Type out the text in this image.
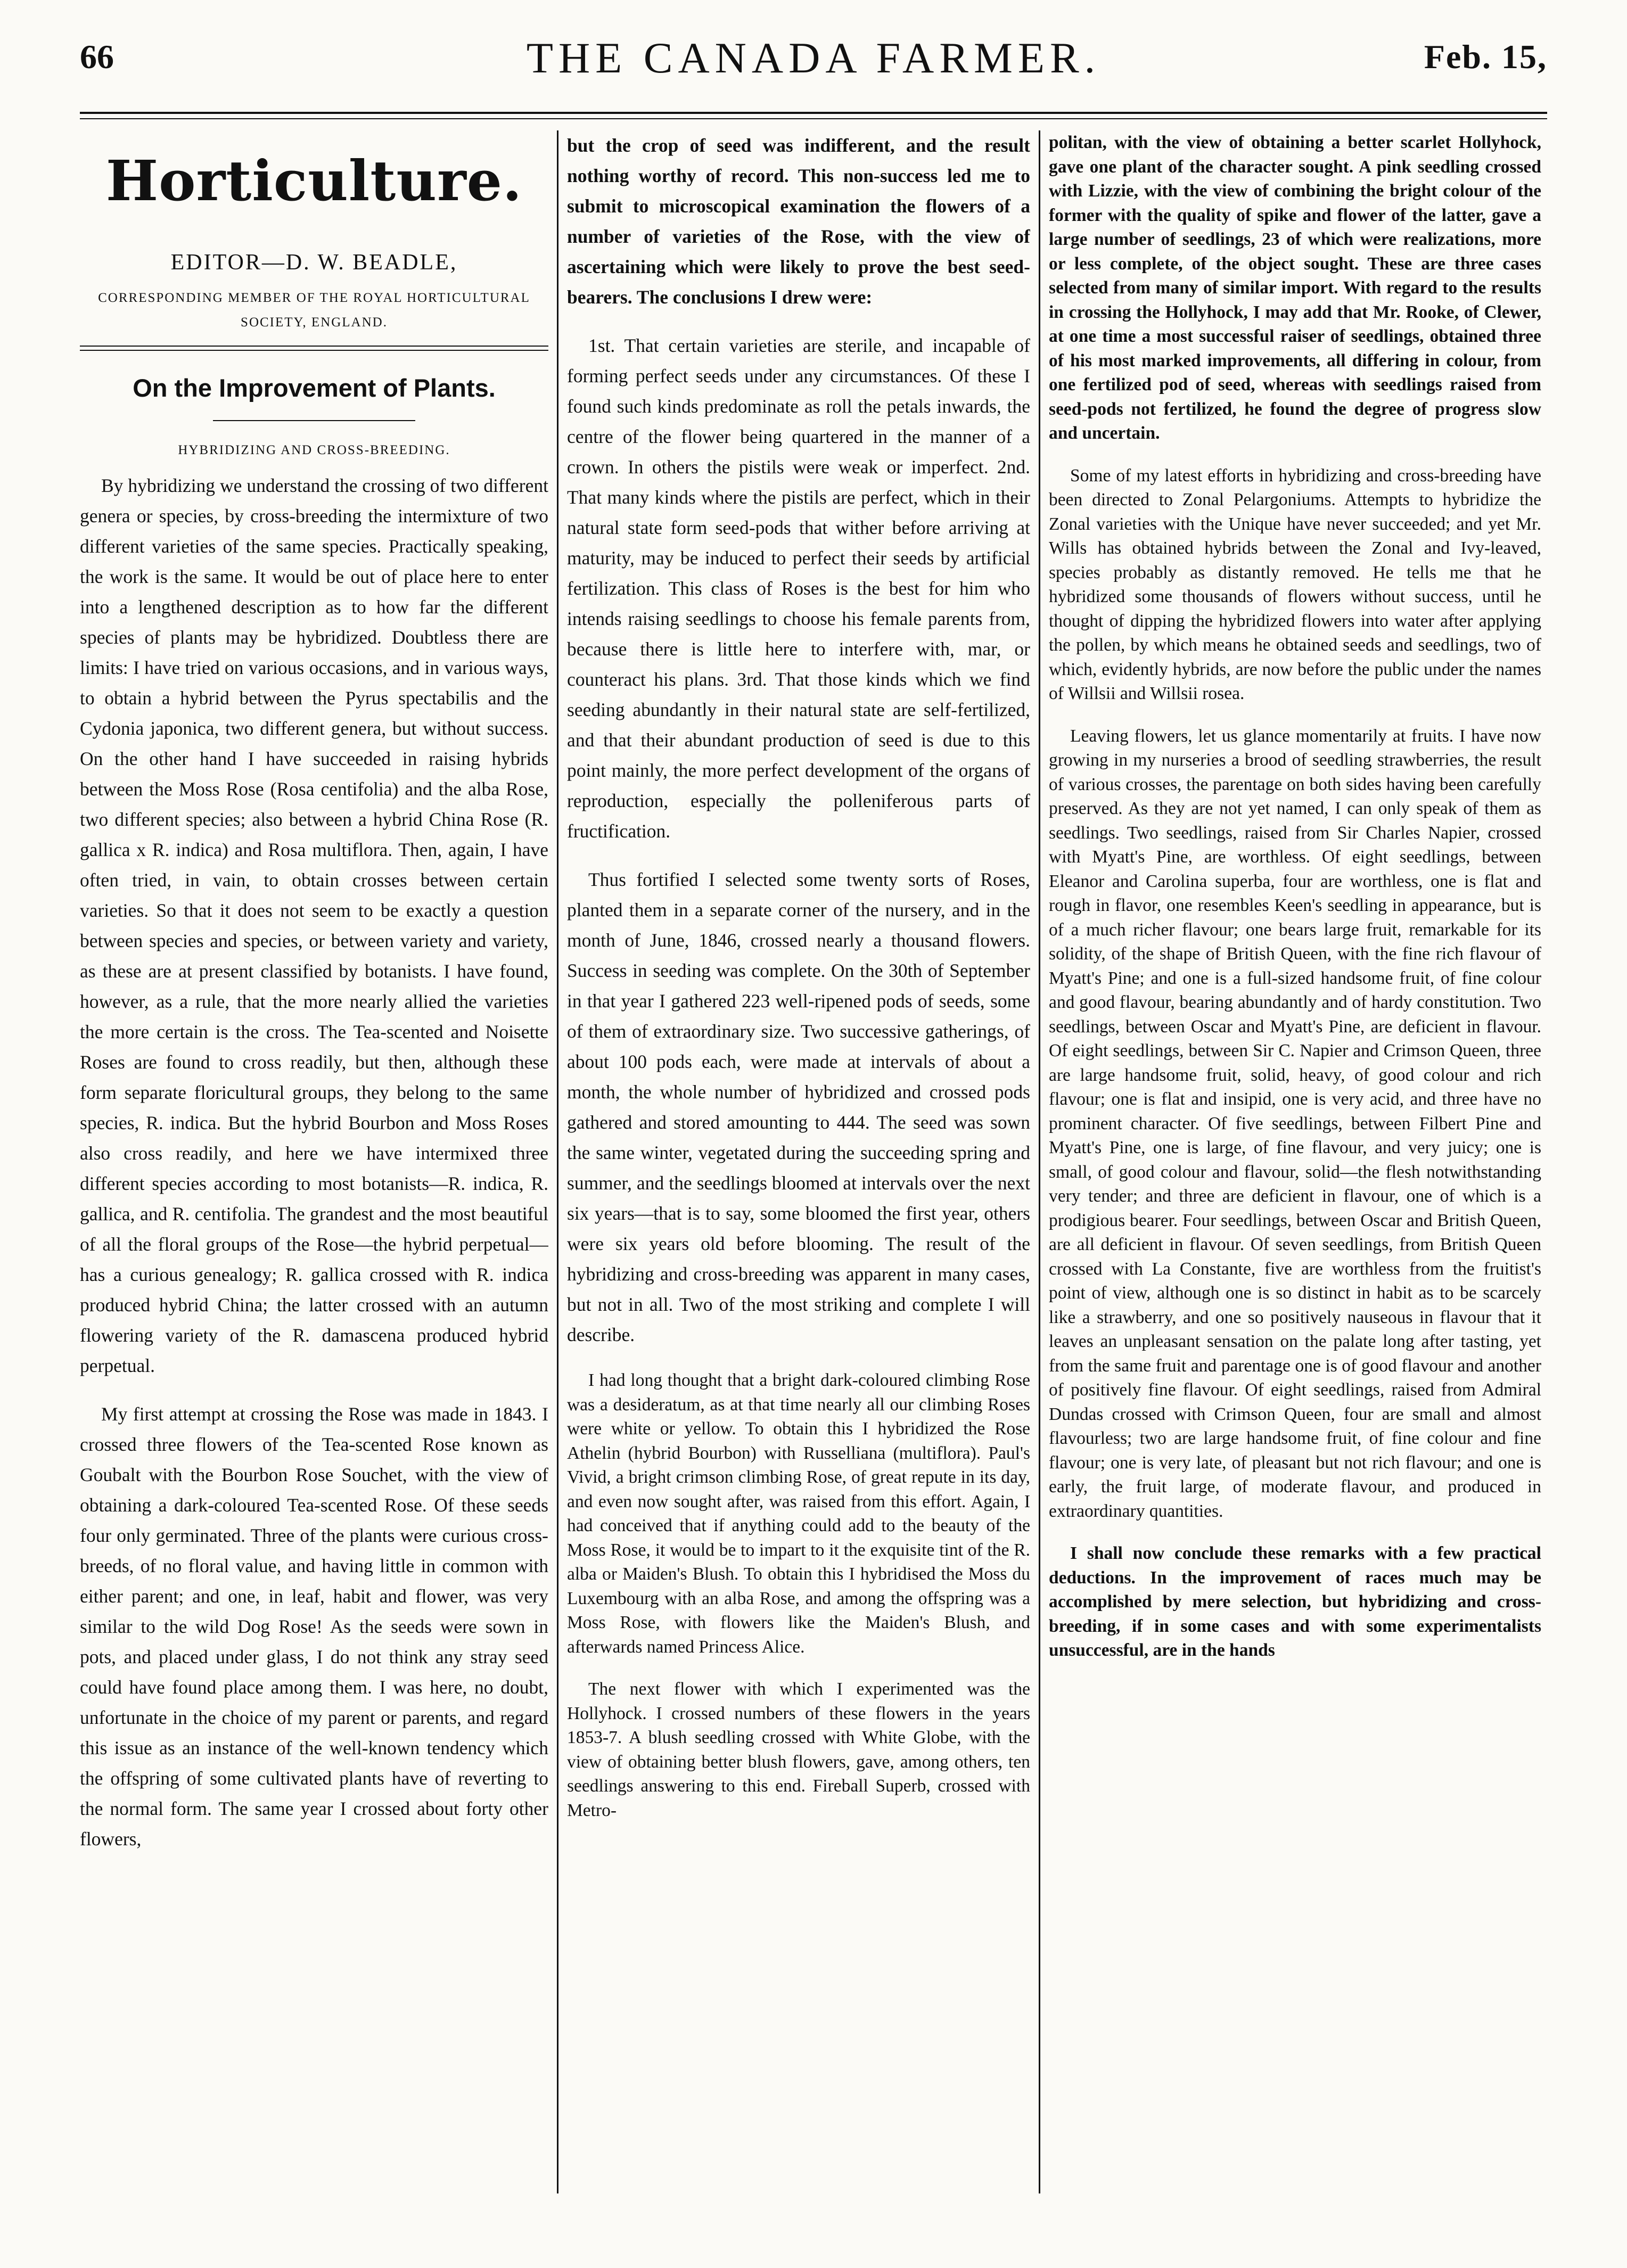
66	THE CANADA FARMER.	Feb. 15,
Horticulture.
EDITOR—D. W. BEADLE,
CORRESPONDING MEMBER OF THE ROYAL HORTICULTURAL SOCIETY, ENGLAND.
On the Improvement of Plants.
HYBRIDIZING AND CROSS-BREEDING.

By hybridizing we understand the crossing of two different genera or species, by cross-breeding the intermixture of two different varieties of the same species. Practically speaking, the work is the same. It would be out of place here to enter into a lengthened description as to how far the different species of plants may be hybridized. Doubtless there are limits: I have tried on various occasions, and in various ways, to obtain a hybrid between the Pyrus spectabilis and the Cydonia japonica, two different genera, but without success. On the other hand I have succeeded in raising hybrids between the Moss Rose (Rosa centifolia) and the alba Rose, two different species; also between a hybrid China Rose (R. gallica x R. indica) and Rosa multiflora. Then, again, I have often tried, in vain, to obtain crosses between certain varieties. So that it does not seem to be exactly a question between species and species, or between variety and variety, as these are at present classified by botanists. I have found, however, as a rule, that the more nearly allied the varieties the more certain is the cross. The Tea-scented and Noisette Roses are found to cross readily, but then, although these form separate floricultural groups, they belong to the same species, R. indica. But the hybrid Bourbon and Moss Roses also cross readily, and here we have intermixed three different species according to most botanists—R. indica, R. gallica, and R. centifolia. The grandest and the most beautiful of all the floral groups of the Rose—the hybrid perpetual—has a curious genealogy; R. gallica crossed with R. indica produced hybrid China; the latter crossed with an autumn flowering variety of the R. damascena produced hybrid perpetual.

My first attempt at crossing the Rose was made in 1843. I crossed three flowers of the Tea-scented Rose known as Goubalt with the Bourbon Rose Souchet, with the view of obtaining a dark-coloured Tea-scented Rose. Of these seeds four only germinated. Three of the plants were curious cross-breeds, of no floral value, and having little in common with either parent; and one, in leaf, habit and flower, was very similar to the wild Dog Rose! As the seeds were sown in pots, and placed under glass, I do not think any stray seed could have found place among them. I was here, no doubt, unfortunate in the choice of my parent or parents, and regard this issue as an instance of the well-known tendency which the offspring of some cultivated plants have of reverting to the normal form. The same year I crossed about forty other flowers,

but the crop of seed was indifferent, and the result nothing worthy of record. This non-success led me to submit to microscopical examination the flowers of a number of varieties of the Rose, with the view of ascertaining which were likely to prove the best seed-bearers. The conclusions I drew were:

1st. That certain varieties are sterile, and incapable of forming perfect seeds under any circumstances. Of these I found such kinds predominate as roll the petals inwards, the centre of the flower being quartered in the manner of a crown. In others the pistils were weak or imperfect. 2nd. That many kinds where the pistils are perfect, which in their natural state form seed-pods that wither before arriving at maturity, may be induced to perfect their seeds by artificial fertilization. This class of Roses is the best for him who intends raising seedlings to choose his female parents from, because there is little here to interfere with, mar, or counteract his plans. 3rd. That those kinds which we find seeding abundantly in their natural state are self-fertilized, and that their abundant production of seed is due to this point mainly, the more perfect development of the organs of reproduction, especially the polleniferous parts of fructification.

Thus fortified I selected some twenty sorts of Roses, planted them in a separate corner of the nursery, and in the month of June, 1846, crossed nearly a thousand flowers. Success in seeding was complete. On the 30th of September in that year I gathered 223 well-ripened pods of seeds, some of them of extraordinary size. Two successive gatherings, of about 100 pods each, were made at intervals of about a month, the whole number of hybridized and crossed pods gathered and stored amounting to 444. The seed was sown the same winter, vegetated during the succeeding spring and summer, and the seedlings bloomed at intervals over the next six years—that is to say, some bloomed the first year, others were six years old before blooming. The result of the hybridizing and cross-breeding was apparent in many cases, but not in all. Two of the most striking and complete I will describe.

I had long thought that a bright dark-coloured climbing Rose was a desideratum, as at that time nearly all our climbing Roses were white or yellow. To obtain this I hybridized the Rose Athelin (hybrid Bourbon) with Russelliana (multiflora). Paul's Vivid, a bright crimson climbing Rose, of great repute in its day, and even now sought after, was raised from this effort. Again, I had conceived that if anything could add to the beauty of the Moss Rose, it would be to impart to it the exquisite tint of the R. alba or Maiden's Blush. To obtain this I hybridised the Moss du Luxembourg with an alba Rose, and among the offspring was a Moss Rose, with flowers like the Maiden's Blush, and afterwards named Princess Alice.

The next flower with which I experimented was the Hollyhock. I crossed numbers of these flowers in the years 1853-7. A blush seedling crossed with White Globe, with the view of obtaining better blush flowers, gave, among others, ten seedlings answering to this end. Fireball Superb, crossed with Metro-

politan, with the view of obtaining a better scarlet Hollyhock, gave one plant of the character sought. A pink seedling crossed with Lizzie, with the view of combining the bright colour of the former with the quality of spike and flower of the latter, gave a large number of seedlings, 23 of which were realizations, more or less complete, of the object sought. These are three cases selected from many of similar import. With regard to the results in crossing the Hollyhock, I may add that Mr. Rooke, of Clewer, at one time a most successful raiser of seedlings, obtained three of his most marked improvements, all differing in colour, from one fertilized pod of seed, whereas with seedlings raised from seed-pods not fertilized, he found the degree of progress slow and uncertain.

Some of my latest efforts in hybridizing and cross-breeding have been directed to Zonal Pelargoniums. Attempts to hybridize the Zonal varieties with the Unique have never succeeded; and yet Mr. Wills has obtained hybrids between the Zonal and Ivy-leaved, species probably as distantly removed. He tells me that he hybridized some thousands of flowers without success, until he thought of dipping the hybridized flowers into water after applying the pollen, by which means he obtained seeds and seedlings, two of which, evidently hybrids, are now before the public under the names of Willsii and Willsii rosea.

Leaving flowers, let us glance momentarily at fruits. I have now growing in my nurseries a brood of seedling strawberries, the result of various crosses, the parentage on both sides having been carefully preserved. As they are not yet named, I can only speak of them as seedlings. Two seedlings, raised from Sir Charles Napier, crossed with Myatt's Pine, are worthless. Of eight seedlings, between Eleanor and Carolina superba, four are worthless, one is flat and rough in flavor, one resembles Keen's seedling in appearance, but is of a much richer flavour; one bears large fruit, remarkable for its solidity, of the shape of British Queen, with the fine rich flavour of Myatt's Pine; and one is a full-sized handsome fruit, of fine colour and good flavour, bearing abundantly and of hardy constitution. Two seedlings, between Oscar and Myatt's Pine, are deficient in flavour. Of eight seedlings, between Sir C. Napier and Crimson Queen, three are large handsome fruit, solid, heavy, of good colour and rich flavour; one is flat and insipid, one is very acid, and three have no prominent character. Of five seedlings, between Filbert Pine and Myatt's Pine, one is large, of fine flavour, and very juicy; one is small, of good colour and flavour, solid—the flesh notwithstanding very tender; and three are deficient in flavour, one of which is a prodigious bearer. Four seedlings, between Oscar and British Queen, are all deficient in flavour. Of seven seedlings, from British Queen crossed with La Constante, five are worthless from the fruitist's point of view, although one is so distinct in habit as to be scarcely like a strawberry, and one so positively nauseous in flavour that it leaves an unpleasant sensation on the palate long after tasting, yet from the same fruit and parentage one is of good flavour and another of positively fine flavour. Of eight seedlings, raised from Admiral Dundas crossed with Crimson Queen, four are small and almost flavourless; two are large handsome fruit, of fine colour and fine flavour; one is very late, of pleasant but not rich flavour; and one is early, the fruit large, of moderate flavour, and produced in extraordinary quantities.

I shall now conclude these remarks with a few practical deductions. In the improvement of races much may be accomplished by mere selection, but hybridizing and cross-breeding, if in some cases and with some experimentalists unsuccessful, are in the hands
